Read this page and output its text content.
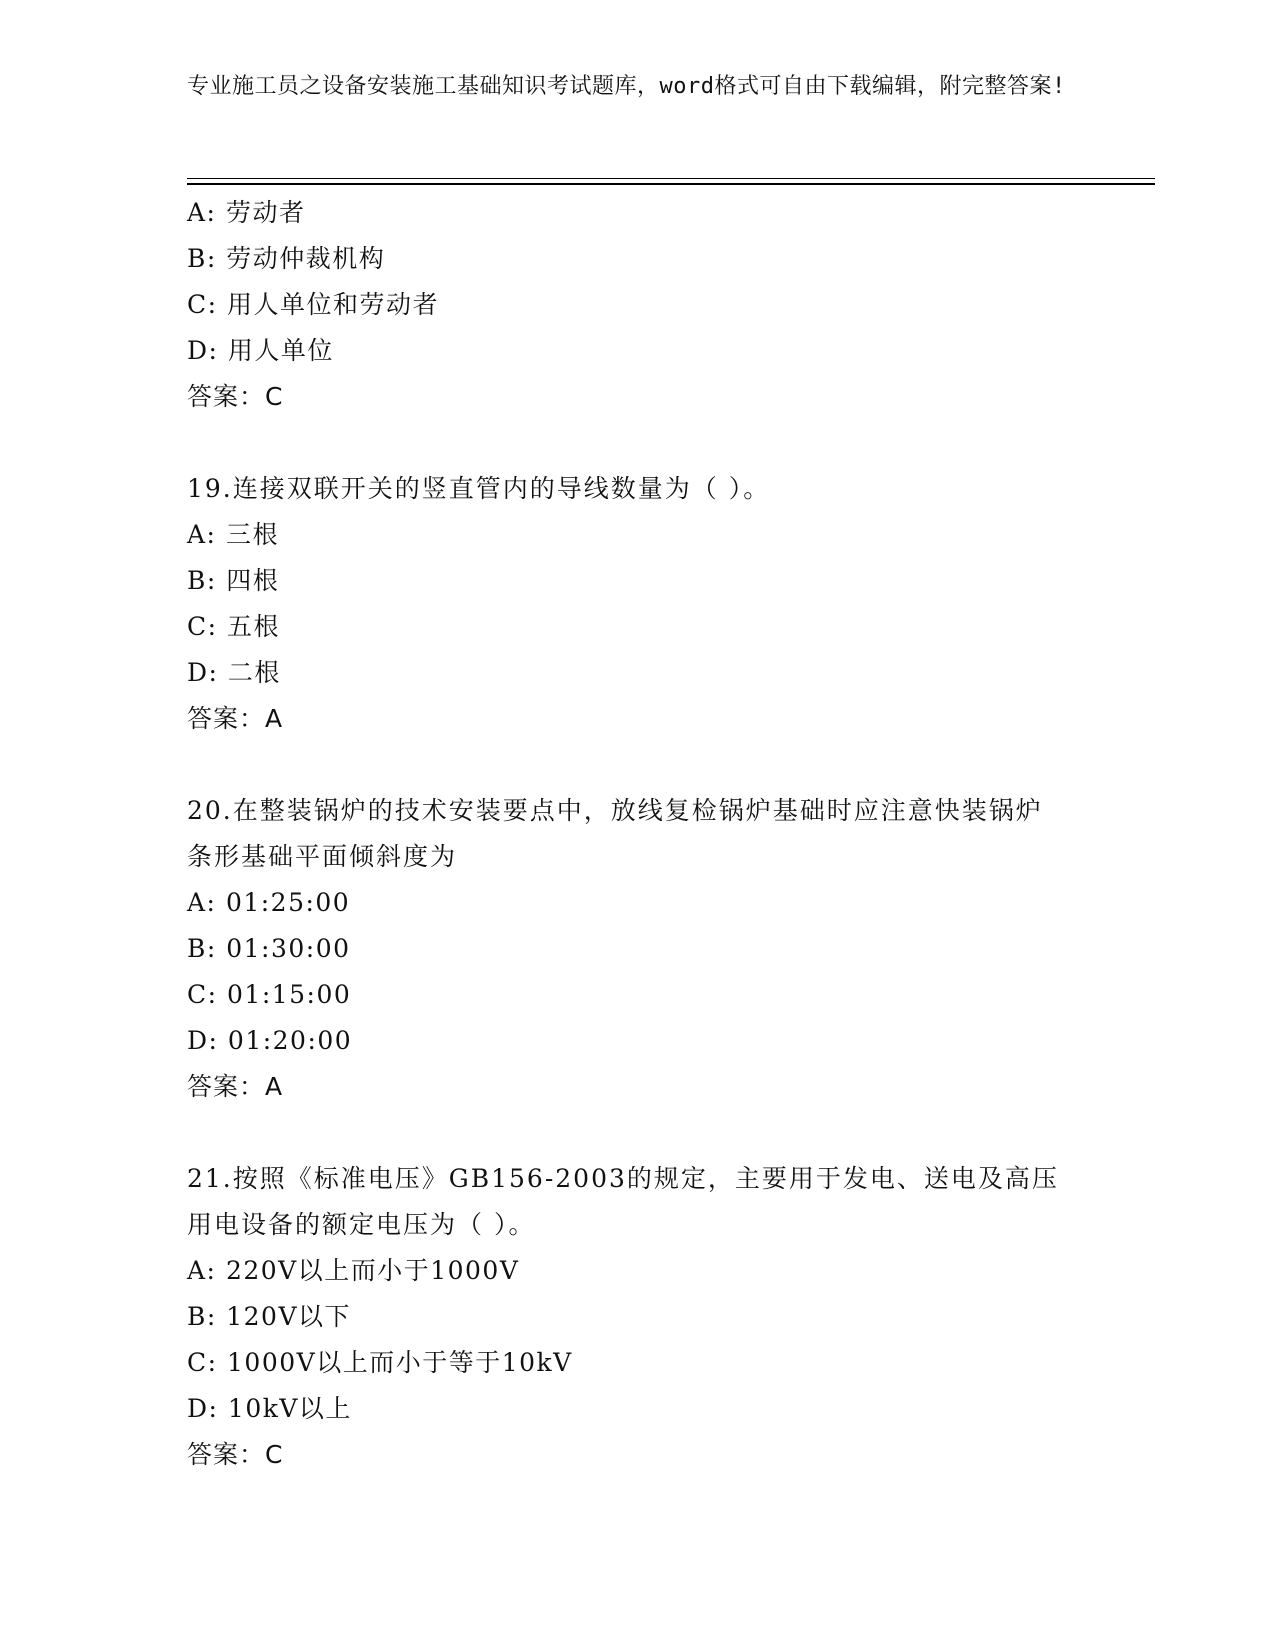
专业施工员之设备安装施工基础知识考试题库，word格式可自由下载编辑，附完整答案!
A: 劳动者
B: 劳动仲裁机构
C: 用人单位和劳动者
D: 用人单位
答案：C
19.连接双联开关的竖直管内的导线数量为（ ）。
A: 三根
B: 四根
C: 五根
D: 二根
答案：A
20.在整装锅炉的技术安装要点中，放线复检锅炉基础时应注意快装锅炉条形基础平面倾斜度为
A: 01:25:00
B: 01:30:00
C: 01:15:00
D: 01:20:00
答案：A
21.按照《标准电压》GB156-2003的规定，主要用于发电、送电及高压用电设备的额定电压为（ ）。
A: 220V以上而小于1000V
B: 120V以下
C: 1000V以上而小于等于10kV
D: 10kV以上
答案：C
